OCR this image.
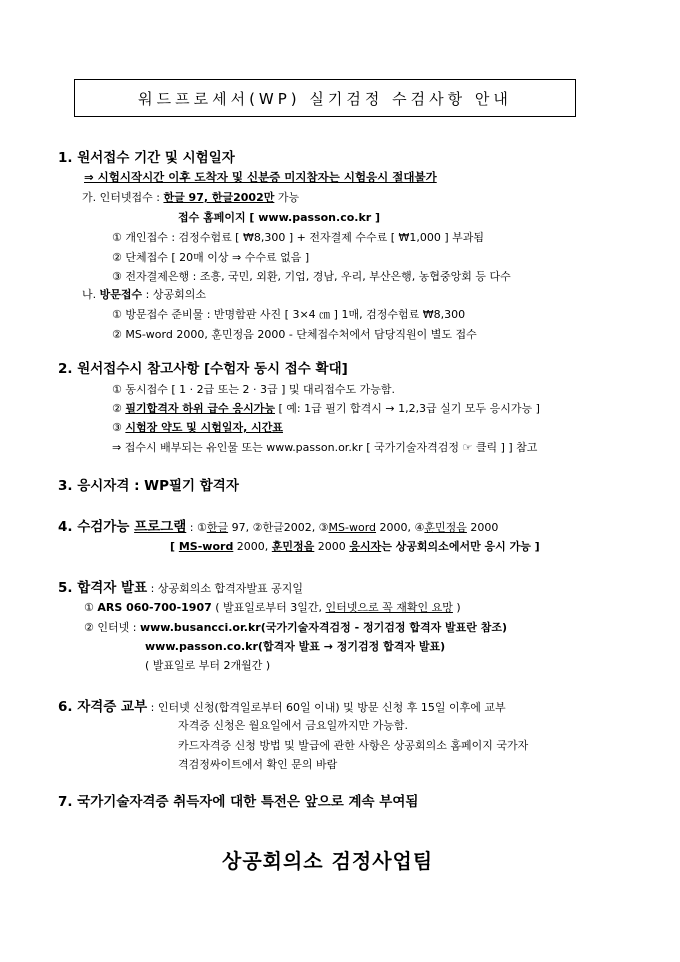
워드프로세서(WP) 실기검정 수검사항 안내
1. 원서접수 기간 및 시험일자
⇒ 시험시작시간 이후 도착자 및 신분증 미지참자는 시험응시 절대불가
가. 인터넷접수 : 한글 97, 한글2002만 가능
접수 홈페이지 [ www.passon.co.kr ]
① 개인접수 : 검정수험료 [ ₩8,300 ] + 전자결제 수수료 [ ₩1,000 ] 부과됨
② 단체접수 [ 20매 이상 ⇒ 수수료 없음 ]
③ 전자결제은행 : 조흥, 국민, 외환, 기업, 경남, 우리, 부산은행, 농협중앙회 등 다수
나. 방문접수 : 상공회의소
① 방문접수 준비물 : 반명함판 사진 [ 3×4 ㎝ ] 1매, 검정수험료 ₩8,300
② MS-word 2000, 훈민정음 2000 - 단체접수처에서 담당직원이 별도 접수
2. 원서접수시 참고사항 [수험자 동시 접수 확대]
① 동시접수 [ 1 · 2급 또는 2 · 3급 ] 및 대리접수도 가능함.
② 필기합격자 하위 급수 응시가능 [ 예: 1급 필기 합격시 → 1,2,3급 실기 모두 응시가능 ]
③ 시험장 약도 및 시험일자, 시간표
⇒ 접수시 배부되는 유인물 또는 www.passon.or.kr [ 국가기술자격검정 ☞ 클릭 ] ] 참고
3. 응시자격 : WP필기 합격자
4. 수검가능 프로그램 : ①한글 97, ②한글2002, ③MS-word 2000, ④훈민정음 2000
[ MS-word 2000, 훈민정음 2000 응시자는 상공회의소에서만 응시 가능 ]
5. 합격자 발표 : 상공회의소 합격자발표 공지일
① ARS 060-700-1907 ( 발표일로부터 3일간, 인터넷으로 꼭 재확인 요망 )
② 인터넷 : www.busancci.or.kr(국가기술자격검정 - 정기검정 합격자 발표란 참조)
www.passon.co.kr(합격자 발표 → 정기검정 합격자 발표)
( 발표일로 부터 2개월간 )
6. 자격증 교부 : 인터넷 신청(합격일로부터 60일 이내) 및 방문 신청 후 15일 이후에 교부
자격증 신청은 월요일에서 금요일까지만 가능함.
카드자격증 신청 방법 및 발급에 관한 사항은 상공회의소 홈페이지 국가자
격검정싸이트에서 확인 문의 바람
7. 국가기술자격증 취득자에 대한 특전은 앞으로 계속 부여됨
상공회의소 검정사업팀
